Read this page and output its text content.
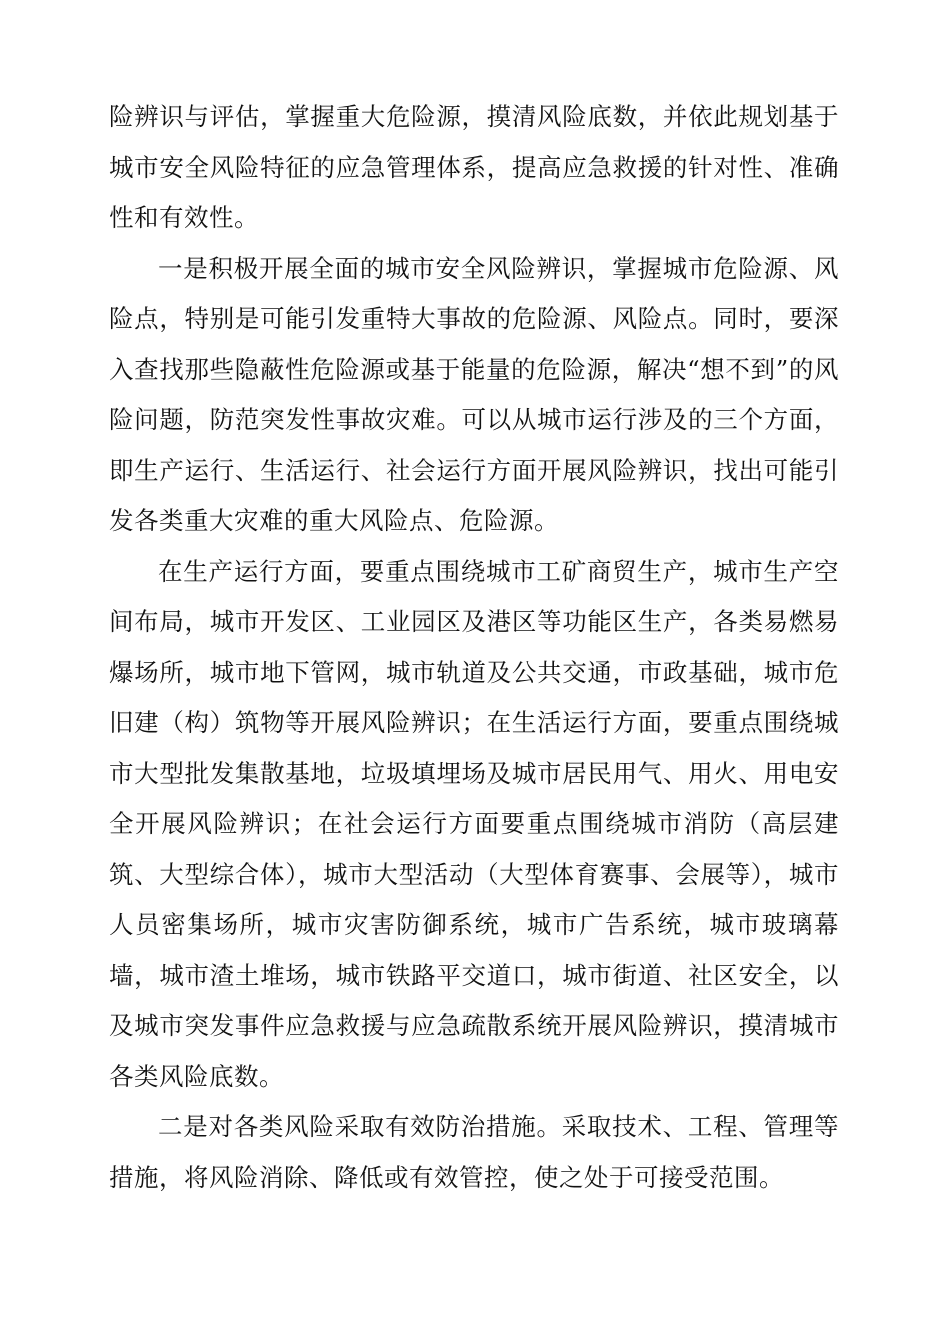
险辨识与评估，掌握重大危险源，摸清风险底数，并依此规划基于城市安全风险特征的应急管理体系，提高应急救援的针对性、准确性和有效性。

一是积极开展全面的城市安全风险辨识，掌握城市危险源、风险点，特别是可能引发重特大事故的危险源、风险点。同时，要深入查找那些隐蔽性危险源或基于能量的危险源，解决“想不到”的风险问题，防范突发性事故灾难。可以从城市运行涉及的三个方面，即生产运行、生活运行、社会运行方面开展风险辨识，找出可能引发各类重大灾难的重大风险点、危险源。

在生产运行方面，要重点围绕城市工矿商贸生产，城市生产空间布局，城市开发区、工业园区及港区等功能区生产，各类易燃易爆场所，城市地下管网，城市轨道及公共交通，市政基础，城市危旧建（构）筑物等开展风险辨识；在生活运行方面，要重点围绕城市大型批发集散基地，垃圾填埋场及城市居民用气、用火、用电安全开展风险辨识；在社会运行方面要重点围绕城市消防（高层建筑、大型综合体），城市大型活动（大型体育赛事、会展等），城市人员密集场所，城市灾害防御系统，城市广告系统，城市玻璃幕墙，城市渣土堆场，城市铁路平交道口，城市街道、社区安全，以及城市突发事件应急救援与应急疏散系统开展风险辨识，摸清城市各类风险底数。

二是对各类风险采取有效防治措施。采取技术、工程、管理等措施，将风险消除、降低或有效管控，使之处于可接受范围。
